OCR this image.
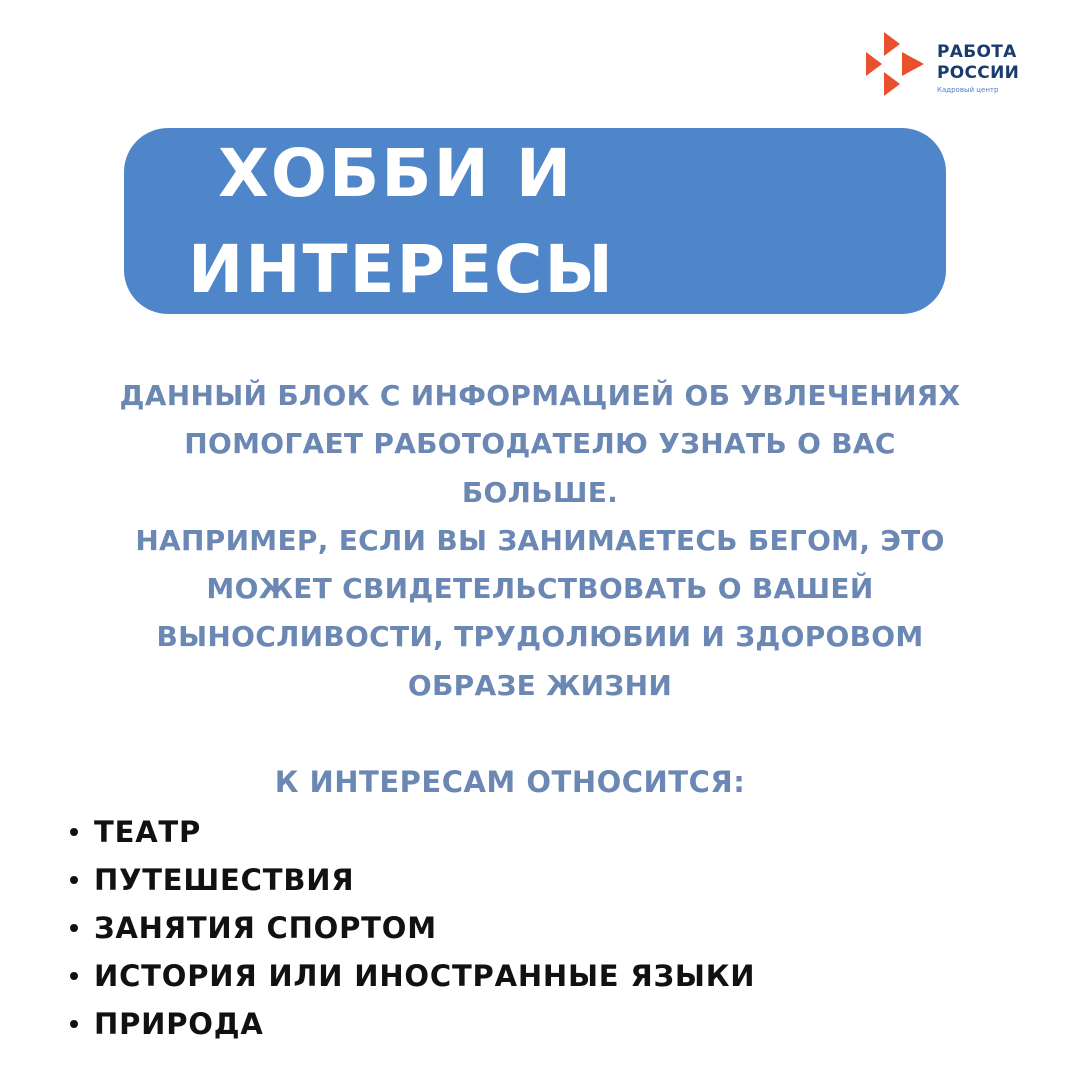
РАБОТА
РОССИИ
Кадровый центр
ХОББИ И
ИНТЕРЕСЫ
ДАННЫЙ БЛОК С ИНФОРМАЦИЕЙ ОБ УВЛЕЧЕНИЯХ
ПОМОГАЕТ РАБОТОДАТЕЛЮ УЗНАТЬ О ВАС
БОЛЬШЕ.
НАПРИМЕР, ЕСЛИ ВЫ ЗАНИМАЕТЕСЬ БЕГОМ, ЭТО
МОЖЕТ СВИДЕТЕЛЬСТВОВАТЬ О ВАШЕЙ
ВЫНОСЛИВОСТИ, ТРУДОЛЮБИИ И ЗДОРОВОМ
ОБРАЗЕ ЖИЗНИ
К ИНТЕРЕСАМ ОТНОСИТСЯ:
ТЕАТР
ПУТЕШЕСТВИЯ
ЗАНЯТИЯ СПОРТОМ
ИСТОРИЯ ИЛИ ИНОСТРАННЫЕ ЯЗЫКИ
ПРИРОДА
